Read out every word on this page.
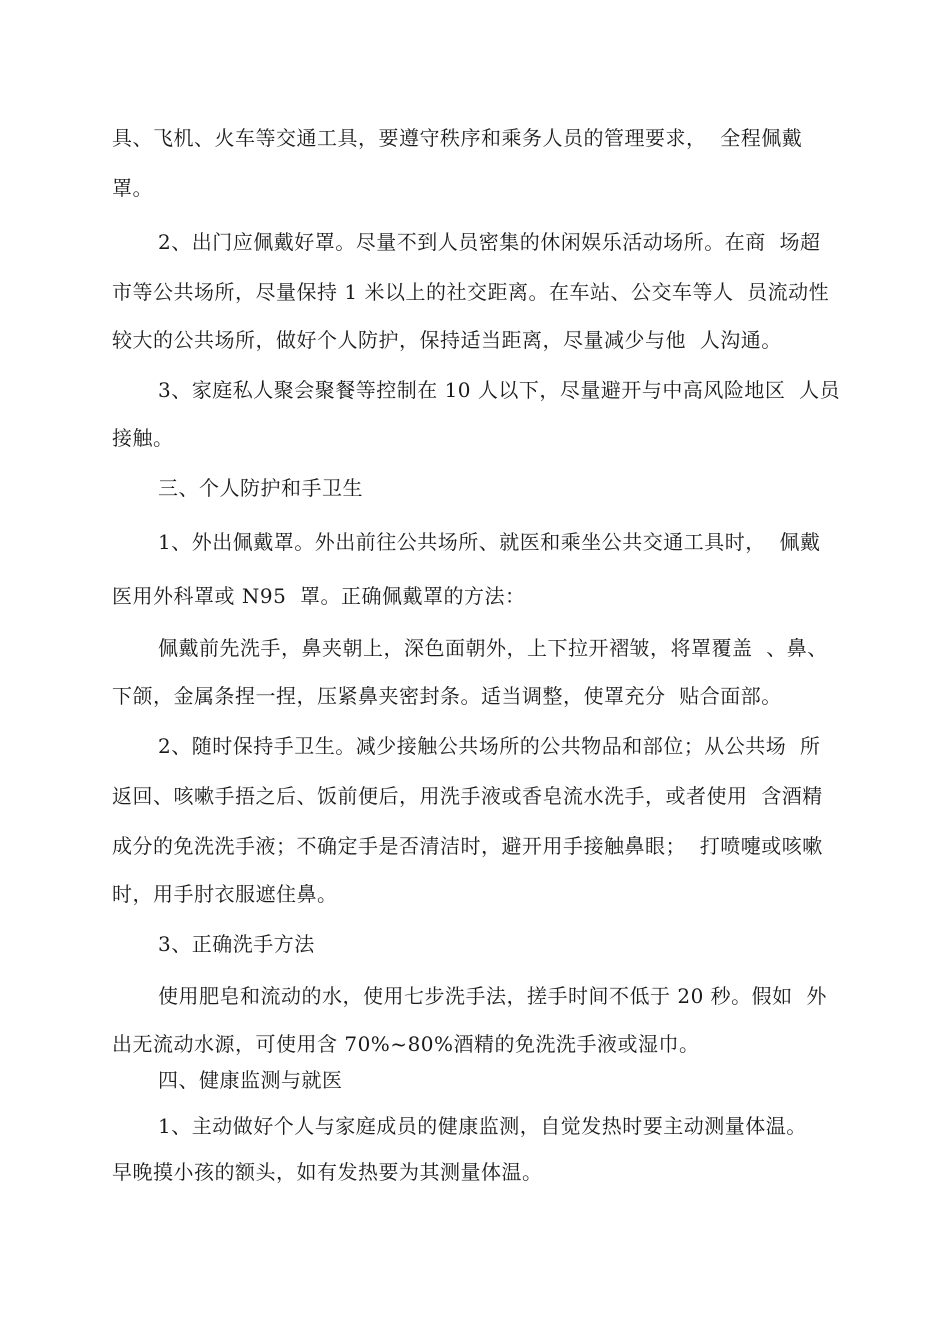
具、飞机、火车等交通工具，要遵守秩序和乘务人员的管理要求，  全程佩戴
罩。
2、出门应佩戴好罩。尽量不到人员密集的休闲娱乐活动场所。在商  场超
市等公共场所，尽量保持 1 米以上的社交距离。在车站、公交车等人  员流动性
较大的公共场所，做好个人防护，保持适当距离，尽量减少与他  人沟通。
3、家庭私人聚会聚餐等控制在 10 人以下，尽量避开与中高风险地区  人员
接触。
三、个人防护和手卫生
1、外出佩戴罩。外出前往公共场所、就医和乘坐公共交通工具时，  佩戴
医用外科罩或 N95  罩。正确佩戴罩的方法：
佩戴前先洗手，鼻夹朝上，深色面朝外，上下拉开褶皱，将罩覆盖  、鼻、
下颌，金属条捏一捏，压紧鼻夹密封条。适当调整，使罩充分  贴合面部。
2、随时保持手卫生。减少接触公共场所的公共物品和部位；从公共场  所
返回、咳嗽手捂之后、饭前便后，用洗手液或香皂流水洗手，或者使用  含酒精
成分的免洗洗手液；不确定手是否清洁时，避开用手接触鼻眼；  打喷嚏或咳嗽
时，用手肘衣服遮住鼻。
3、正确洗手方法
使用肥皂和流动的水，使用七步洗手法，搓手时间不低于 20 秒。假如  外
出无流动水源，可使用含 70%~80%酒精的免洗洗手液或湿巾。
四、健康监测与就医
1、主动做好个人与家庭成员的健康监测，自觉发热时要主动测量体温。
早晚摸小孩的额头，如有发热要为其测量体温。
